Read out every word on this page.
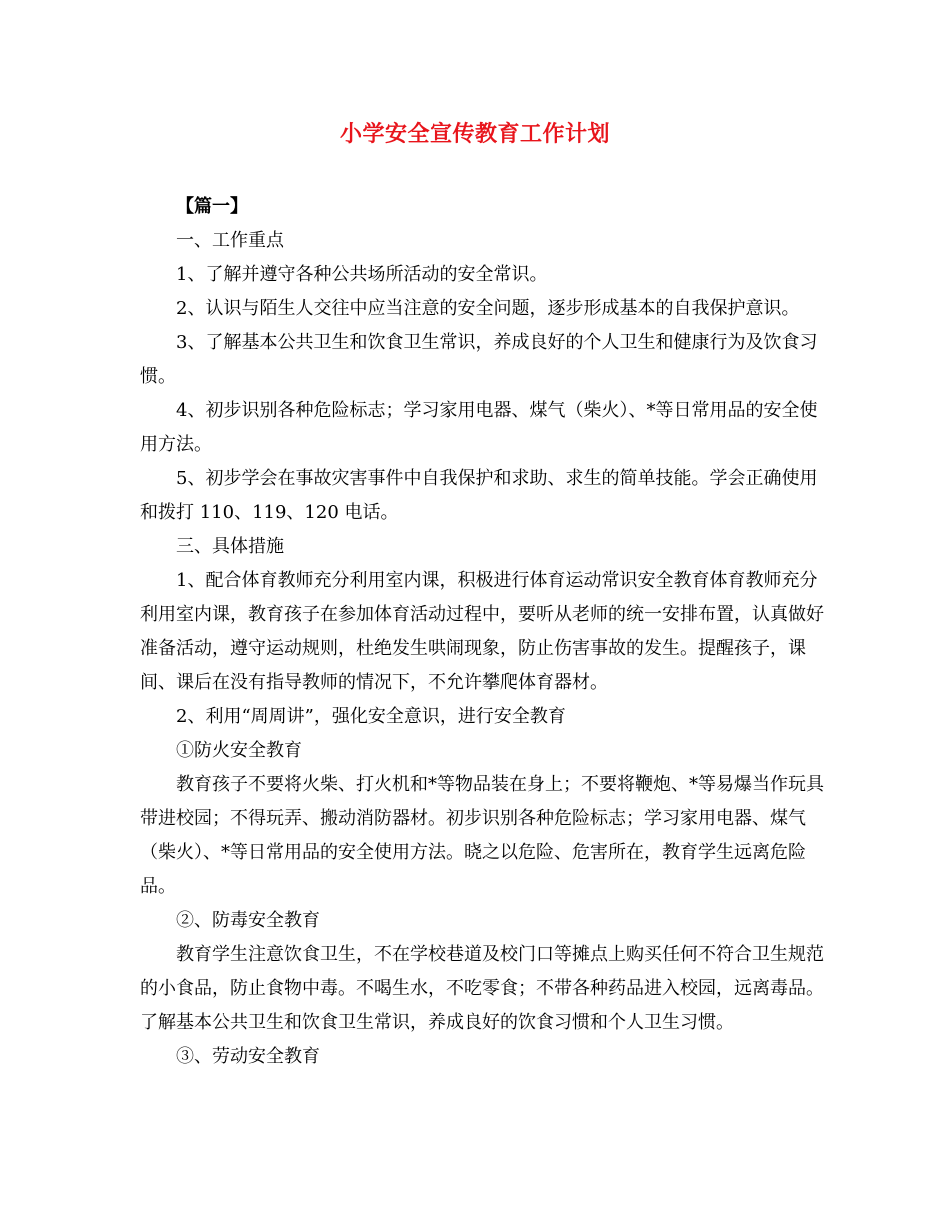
小学安全宣传教育工作计划

【篇一】

一、工作重点

1、了解并遵守各种公共场所活动的安全常识。

2、认识与陌生人交往中应当注意的安全问题，逐步形成基本的自我保护意识。

3、了解基本公共卫生和饮食卫生常识，养成良好的个人卫生和健康行为及饮食习惯。

4、初步识别各种危险标志；学习家用电器、煤气（柴火）、*等日常用品的安全使用方法。

5、初步学会在事故灾害事件中自我保护和求助、求生的简单技能。学会正确使用和拨打 110、119、120 电话。

三、具体措施

1、配合体育教师充分利用室内课，积极进行体育运动常识安全教育体育教师充分利用室内课，教育孩子在参加体育活动过程中，要听从老师的统一安排布置，认真做好准备活动，遵守运动规则，杜绝发生哄闹现象，防止伤害事故的发生。提醒孩子，课间、课后在没有指导教师的情况下，不允许攀爬体育器材。

2、利用“周周讲”，强化安全意识，进行安全教育

①防火安全教育

教育孩子不要将火柴、打火机和*等物品装在身上；不要将鞭炮、*等易爆当作玩具带进校园；不得玩弄、搬动消防器材。初步识别各种危险标志；学习家用电器、煤气（柴火）、*等日常用品的安全使用方法。晓之以危险、危害所在，教育学生远离危险品。

②、防毒安全教育

教育学生注意饮食卫生，不在学校巷道及校门口等摊点上购买任何不符合卫生规范的小食品，防止食物中毒。不喝生水，不吃零食；不带各种药品进入校园，远离毒品。了解基本公共卫生和饮食卫生常识，养成良好的饮食习惯和个人卫生习惯。

③、劳动安全教育
